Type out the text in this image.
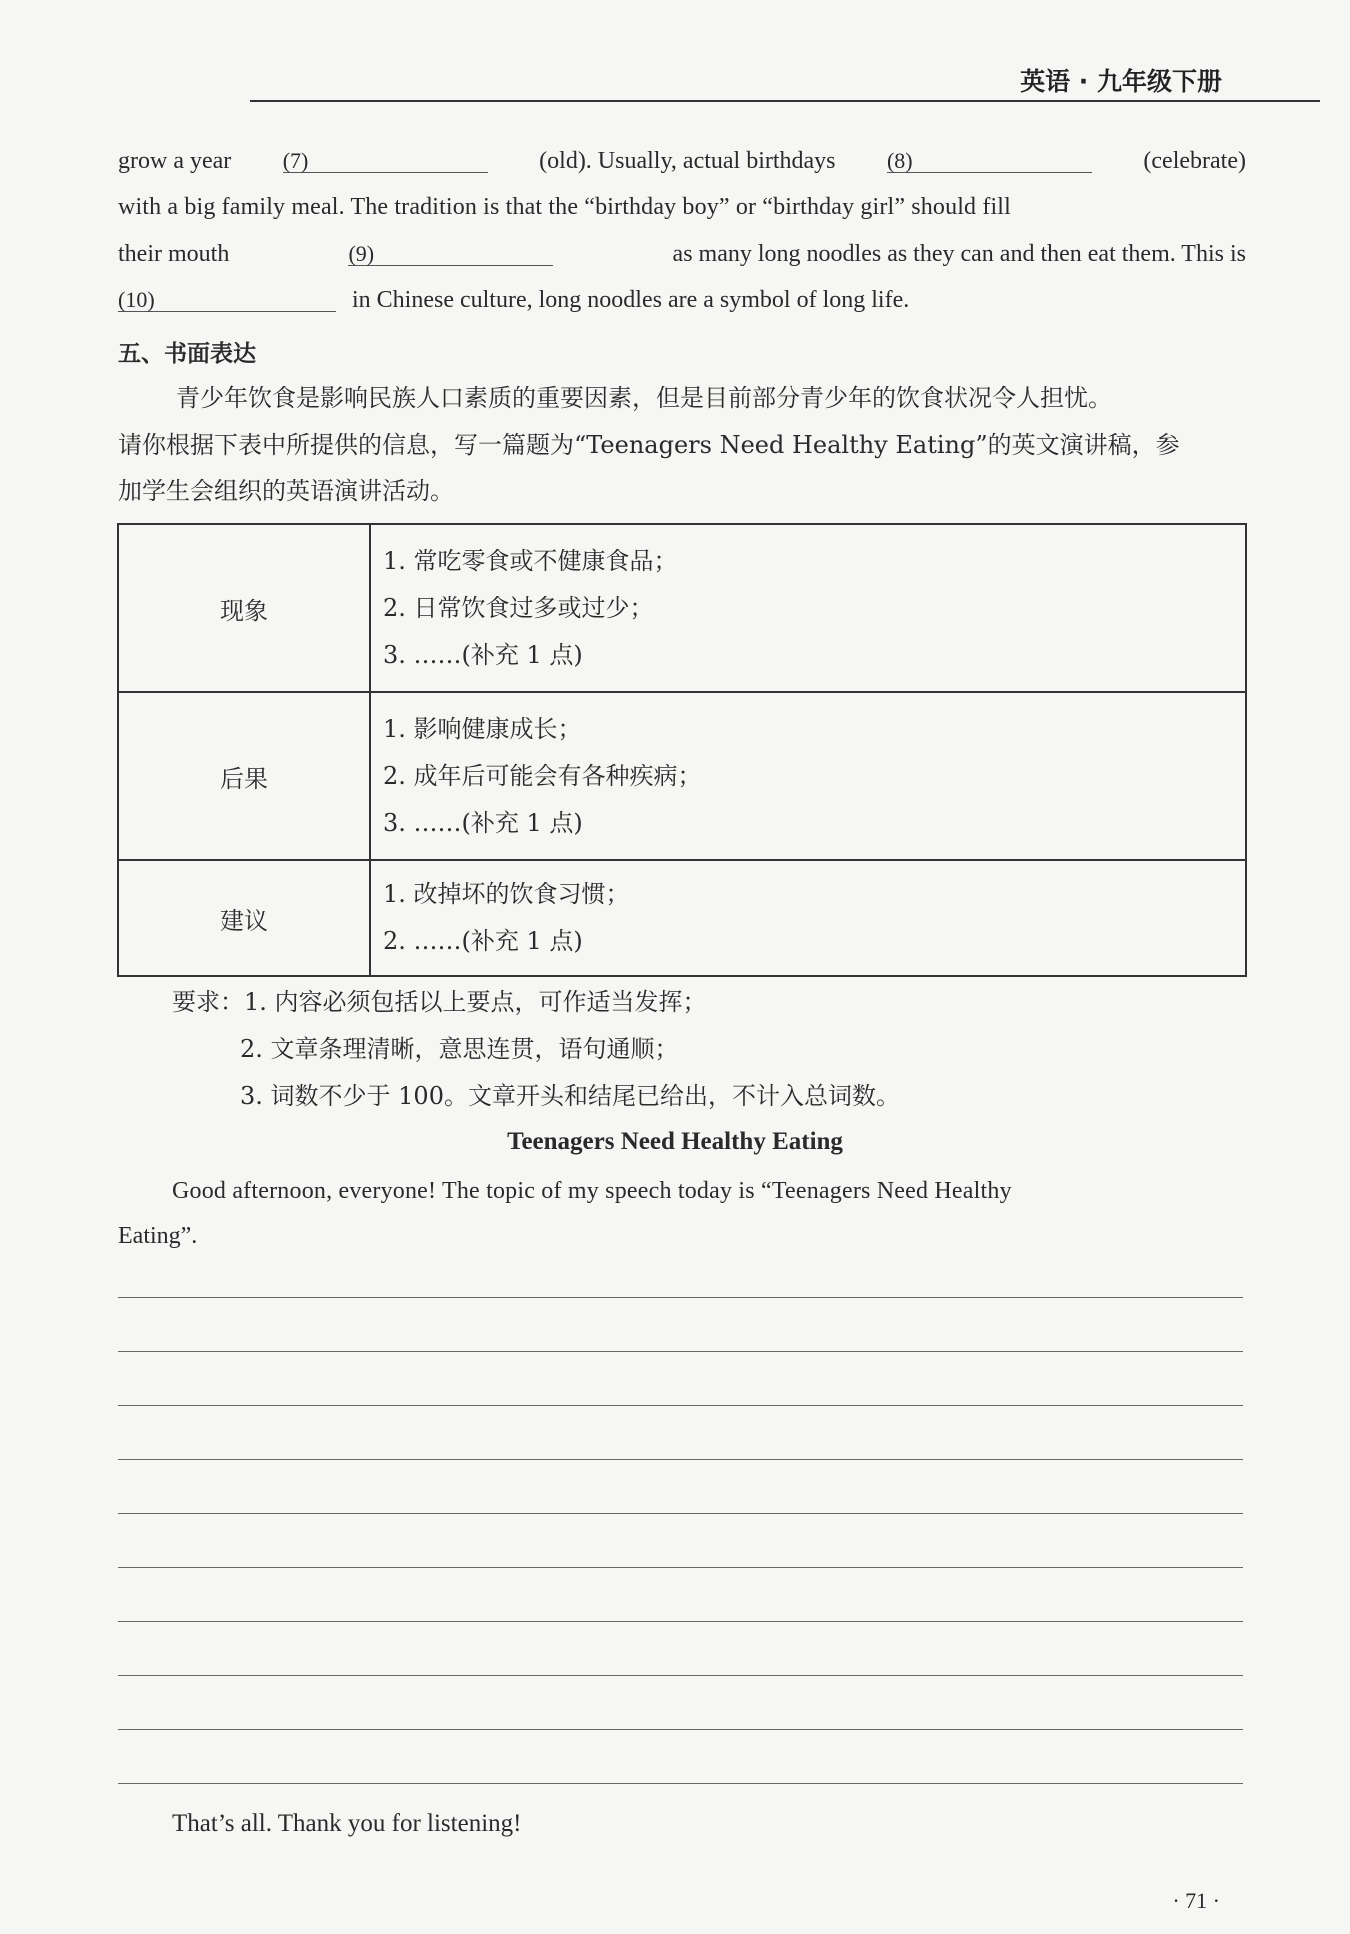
英语 · 九年级下册
grow a year (7)	(old). Usually, actual birthdays (8)	(celebrate)
with a big family meal. The tradition is that the “birthday boy” or “birthday girl” should fill
their mouth	(9)	as many long noodles as they can and then eat them. This is
(10)	in Chinese culture, long noodles are a symbol of long life.
五、书面表达
青少年饮食是影响民族人口素质的重要因素，但是目前部分青少年的饮食状况令人担忧。
请你根据下表中所提供的信息，写一篇题为“Teenagers Need Healthy Eating”的英文演讲稿，参
加学生会组织的英语演讲活动。
现象	1. 常吃零食或不健康食品；
2. 日常饮食过多或过少；
3. ……(补充 1 点)

后果	1. 影响健康成长；
2. 成年后可能会有各种疾病；
3. ……(补充 1 点)

建议	1. 改掉坏的饮食习惯；
2. ……(补充 1 点)
要求：1. 内容必须包括以上要点，可作适当发挥；
2. 文章条理清晰，意思连贯，语句通顺；
3. 词数不少于 100。文章开头和结尾已给出，不计入总词数。
Teenagers Need Healthy Eating
Good afternoon, everyone! The topic of my speech today is “Teenagers Need Healthy
Eating”.
That’s all. Thank you for listening!
· 71 ·
